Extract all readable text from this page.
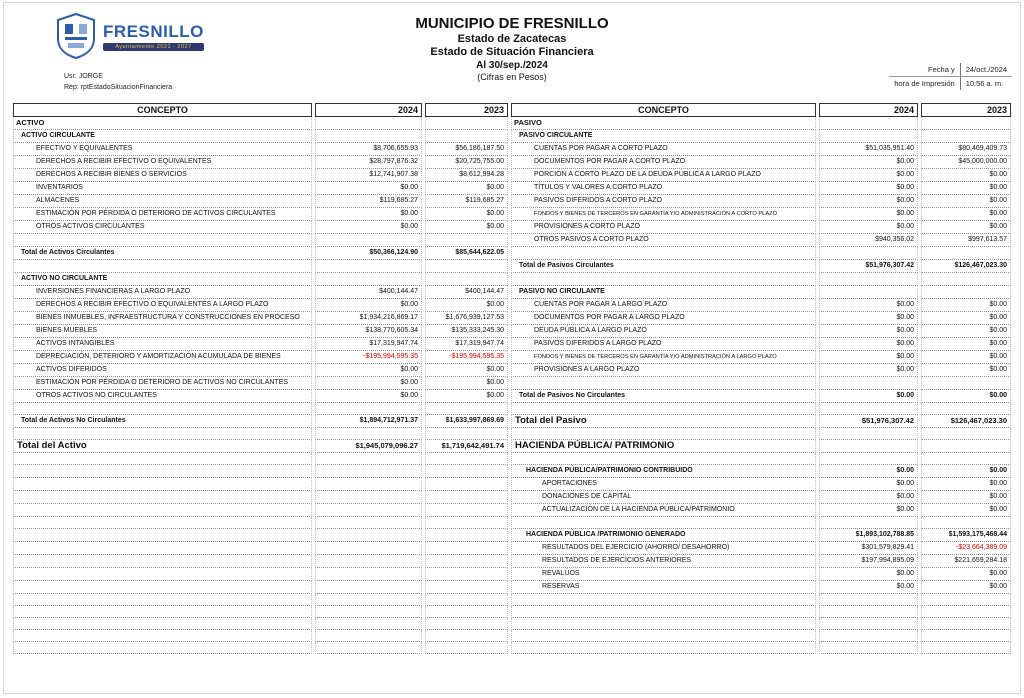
FRESNILLO
Ayuntamiento 2021 - 2027
MUNICIPIO DE FRESNILLO
Estado de Zacatecas
Estado de Situación Financiera
Al 30/sep./2024
(Cifras en Pesos)
Usr: JORGE
Rep: rptEstadoSituacionFinanciera
Fecha y	24/oct./2024
hora de Impresión	10:56 a. m.
CONCEPTO	2024	2023	CONCEPTO	2024	2023
ACTIVO			PASIVO		
ACTIVO CIRCULANTE			PASIVO CIRCULANTE		
EFECTIVO Y EQUIVALENTES	$8,706,655.93	$56,186,187.50	CUENTAS POR PAGAR A CORTO PLAZO	$51,035,951.40	$80,469,409.73
DERECHOS A RECIBIR EFECTIVO O EQUIVALENTES	$28,797,876.32	$20,725,755.00	DOCUMENTOS POR PAGAR A CORTO PLAZO	$0.00	$45,000,000.00
DERECHOS A RECIBIR BIENES O SERVICIOS	$12,741,907.38	$8,612,994.28	PORCIÓN A CORTO PLAZO DE LA DEUDA PÚBLICA A LARGO PLAZO	$0.00	$0.00
INVENTARIOS	$0.00	$0.00	TÍTULOS Y VALORES A CORTO PLAZO	$0.00	$0.00
ALMACENES	$119,685.27	$119,685.27	PASIVOS DIFERIDOS A CORTO PLAZO	$0.00	$0.00
ESTIMACIÓN POR PÉRDIDA O DETERIORO DE ACTIVOS CIRCULANTES	$0.00	$0.00	FONDOS Y BIENES DE TERCEROS EN GARANTÍA Y/O ADMINISTRACIÓN A CORTO PLAZO	$0.00	$0.00
OTROS ACTIVOS CIRCULANTES	$0.00	$0.00	PROVISIONES A CORTO PLAZO	$0.00	$0.00
			OTROS PASIVOS A CORTO PLAZO	$940,356.02	$997,613.57
Total de Activos Circulantes	$50,366,124.90	$85,644,622.05			
			Total de Pasivos Circulantes	$51,976,307.42	$126,467,023.30
ACTIVO NO CIRCULANTE					
INVERSIONES FINANCIERAS A LARGO PLAZO	$400,144.47	$400,144.47	PASIVO NO CIRCULANTE		
DERECHOS A RECIBIR EFECTIVO O EQUIVALENTES A LARGO PLAZO	$0.00	$0.00	CUENTAS POR PAGAR A LARGO PLAZO	$0.00	$0.00
BIENES INMUEBLES, INFRAESTRUCTURA Y CONSTRUCCIONES EN PROCESO	$1,934,216,869.17	$1,676,939,127.53	DOCUMENTOS POR PAGAR A LARGO PLAZO	$0.00	$0.00
BIENES MUEBLES	$138,770,605.34	$135,333,245.30	DEUDA PÚBLICA A LARGO PLAZO	$0.00	$0.00
ACTIVOS INTANGIBLES	$17,319,947.74	$17,319,947.74	PASIVOS DIFERIDOS A LARGO PLAZO	$0.00	$0.00
DEPRECIACIÓN, DETERIORO Y AMORTIZACIÓN ACUMULADA DE BIENES	-$195,994,595.35	-$195,994,595.35	FONDOS Y BIENES DE TERCEROS EN GARANTÍA Y/O ADMINISTRACIÓN A LARGO PLAZO	$0.00	$0.00
ACTIVOS DIFERIDOS	$0.00	$0.00	PROVISIONES A LARGO PLAZO	$0.00	$0.00
ESTIMACIÓN POR PÉRDIDA O DETERIORO DE ACTIVOS NO CIRCULANTES	$0.00	$0.00			
OTROS ACTIVOS NO CIRCULANTES	$0.00	$0.00	Total de Pasivos No Circulantes	$0.00	$0.00

Total de Activos No Circulantes	$1,894,712,971.37	$1,633,997,869.69	Total del Pasivo	$51,976,307.42	$126,467,023.30

Total del Activo	$1,945,079,096.27	$1,719,642,491.74	HACIENDA PÚBLICA/ PATRIMONIO		

			HACIENDA PÚBLICA/PATRIMONIO CONTRIBUIDO	$0.00	$0.00
			APORTACIONES	$0.00	$0.00
			DONACIONES DE CAPITAL	$0.00	$0.00
			ACTUALIZACIÓN DE LA HACIENDA PÚBLICA/PATRIMONIO	$0.00	$0.00

			HACIENDA PÚBLICA /PATRIMONIO GENERADO	$1,893,102,788.85	$1,593,175,468.44
			RESULTADOS DEL EJERCICIO (AHORRO/ DESAHORRO)	$301,579,829.41	-$23,664,389.09
			RESULTADOS DE EJERCICIOS ANTERIORES	$197,994,895.09	$221,659,284.18
			REVALÚOS	$0.00	$0.00
			RESERVAS	$0.00	$0.00
